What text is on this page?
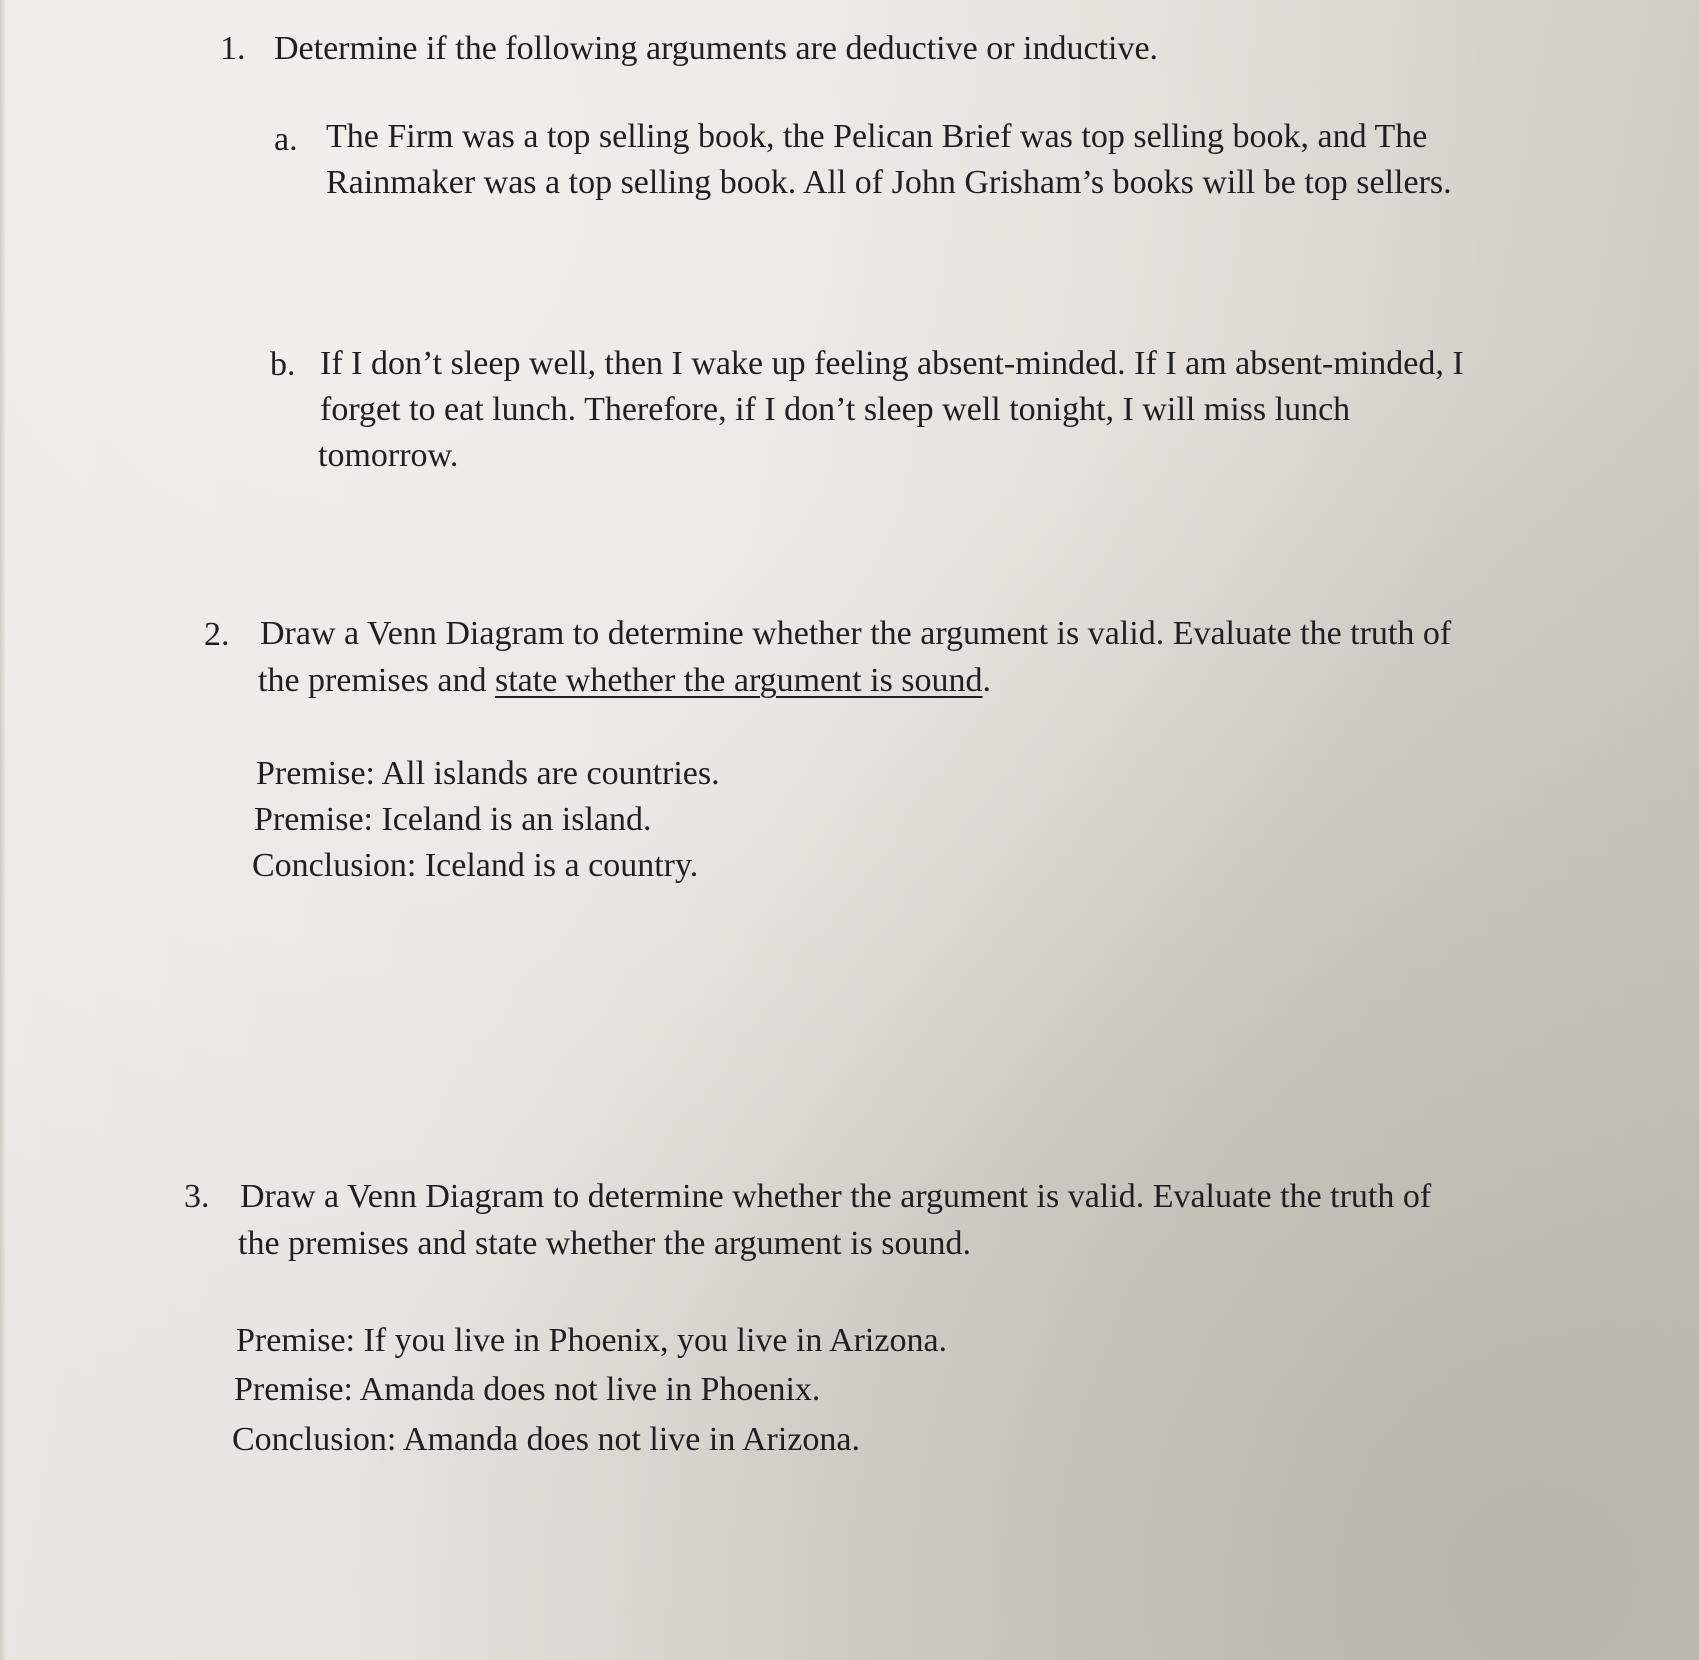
1. Determine if the following arguments are deductive or inductive.
a. The Firm was a top selling book, the Pelican Brief was top selling book, and The
Rainmaker was a top selling book. All of John Grisham’s books will be top sellers.
b. If I don’t sleep well, then I wake up feeling absent-minded. If I am absent-minded, I
forget to eat lunch. Therefore, if I don’t sleep well tonight, I will miss lunch
tomorrow.
2. Draw a Venn Diagram to determine whether the argument is valid. Evaluate the truth of
the premises and state whether the argument is sound.
Premise: All islands are countries.
Premise: Iceland is an island.
Conclusion: Iceland is a country.
3. Draw a Venn Diagram to determine whether the argument is valid. Evaluate the truth of
the premises and state whether the argument is sound.
Premise: If you live in Phoenix, you live in Arizona.
Premise: Amanda does not live in Phoenix.
Conclusion: Amanda does not live in Arizona.
